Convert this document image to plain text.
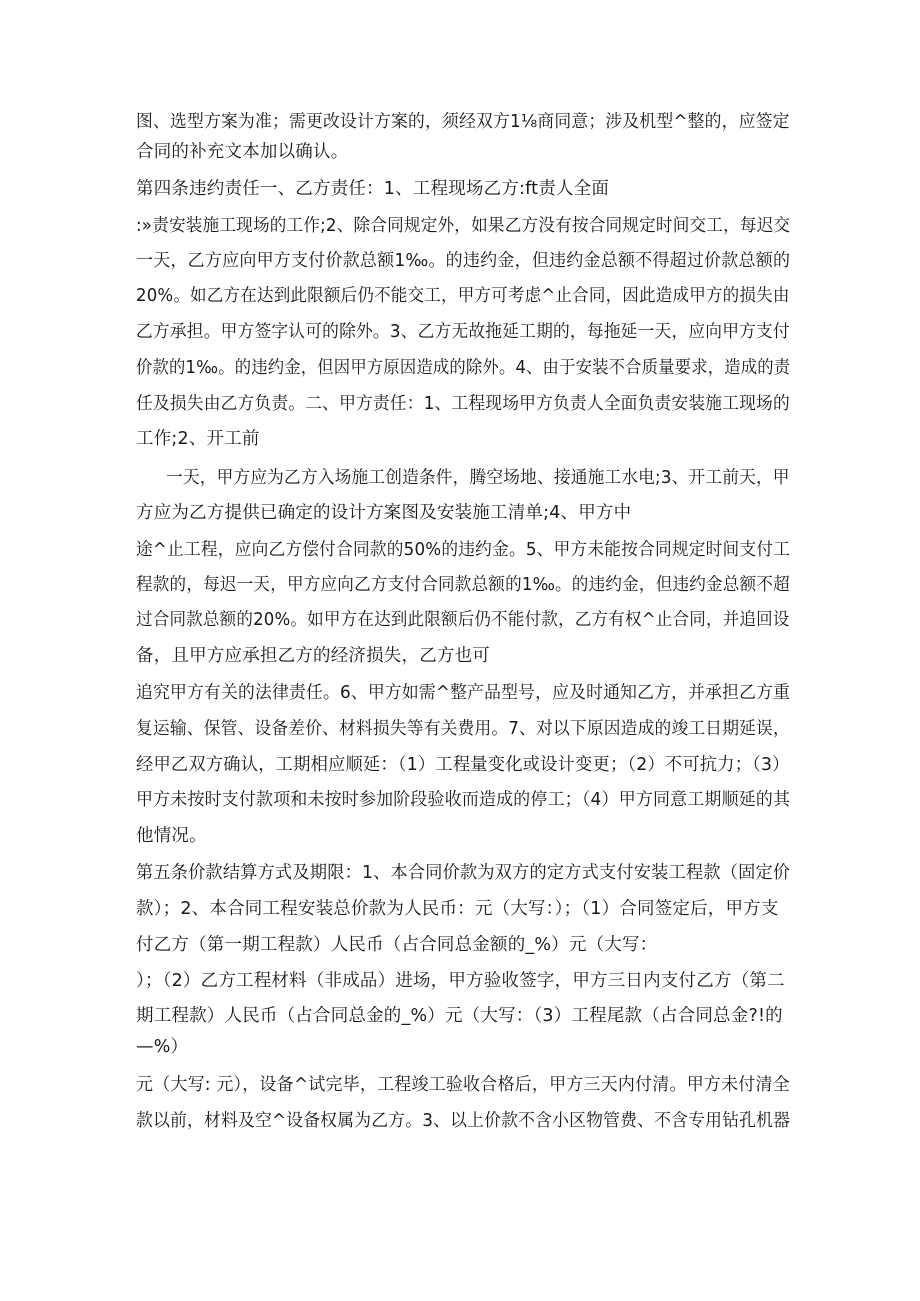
图、选型方案为准；需更改设计方案的，须经双方1⅛商同意；涉及机型^整的，应签定
合同的补充文本加以确认。
第四条违约责任一、乙方责任：1、工程现场乙方:ft责人全面
:»责安装施工现场的工作;2、除合同规定外，如果乙方没有按合同规定时间交工，每迟交
一天，乙方应向甲方支付价款总额1‰。的违约金，但违约金总额不得超过价款总额的
20%。如乙方在达到此限额后仍不能交工，甲方可考虑^止合同，因此造成甲方的损失由
乙方承担。甲方签字认可的除外。3、乙方无故拖延工期的，每拖延一天，应向甲方支付
价款的1‰。的违约金，但因甲方原因造成的除外。4、由于安装不合质量要求，造成的责
任及损失由乙方负责。二、甲方责任：1、工程现场甲方负责人全面负责安装施工现场的
工作;2、开工前
一天，甲方应为乙方入场施工创造条件，腾空场地、接通施工水电;3、开工前天，甲
方应为乙方提供已确定的设计方案图及安装施工清单;4、甲方中
途^止工程，应向乙方偿付合同款的50%的违约金。5、甲方未能按合同规定时间支付工
程款的，每迟一天，甲方应向乙方支付合同款总额的1‰。的违约金，但违约金总额不超
过合同款总额的20%。如甲方在达到此限额后仍不能付款，乙方有权^止合同，并追回设
备，且甲方应承担乙方的经济损失，乙方也可
追究甲方有关的法律责任。6、甲方如需^整产品型号，应及时通知乙方，并承担乙方重
复运输、保管、设备差价、材料损失等有关费用。7、对以下原因造成的竣工日期延误，
经甲乙双方确认，工期相应顺延：（1）工程量变化或设计变更；（2）不可抗力；（3）
甲方未按时支付款项和未按时参加阶段验收而造成的停工；（4）甲方同意工期顺延的其
他情况。
第五条价款结算方式及期限：1、本合同价款为双方的定方式支付安装工程款（固定价
款）；2、本合同工程安装总价款为人民币：元（大写：）；（1）合同签定后，甲方支
付乙方（第一期工程款）人民币（占合同总金额的_%）元（大写：
）；（2）乙方工程材料（非成品）进场，甲方验收签字，甲方三日内支付乙方（第二
期工程款）人民币（占合同总金的_%）元（大写：（3）工程尾款（占合同总金?!的
—%）
元（大写: 元），设备^试完毕，工程竣工验收合格后，甲方三天内付清。甲方未付清全
款以前，材料及空^设备权属为乙方。3、以上价款不含小区物管费、不含专用钻孔机器
